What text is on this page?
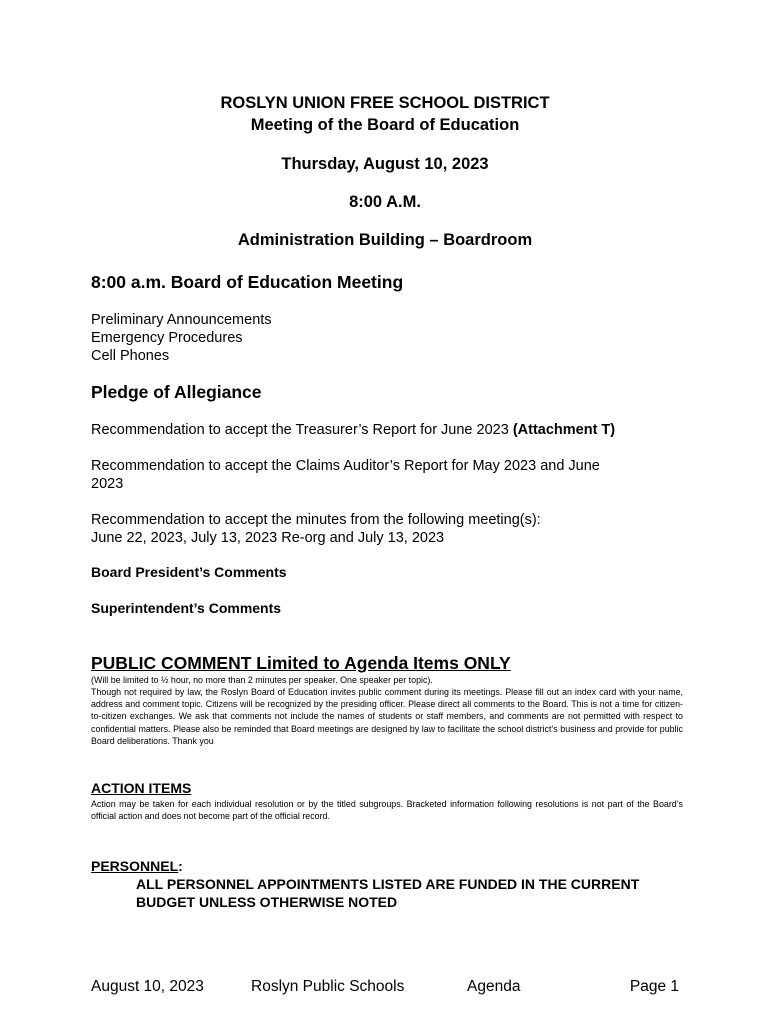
ROSLYN UNION FREE SCHOOL DISTRICT
Meeting of the Board of Education
Thursday, August 10, 2023
8:00 A.M.
Administration Building – Boardroom
8:00 a.m. Board of Education Meeting
Preliminary Announcements
Emergency Procedures
Cell Phones
Pledge of Allegiance
Recommendation to accept the Treasurer’s Report for June 2023 (Attachment T)
Recommendation to accept the Claims Auditor’s Report for May 2023 and June 2023
Recommendation to accept the minutes from the following meeting(s):
June 22, 2023, July 13, 2023 Re-org and July 13, 2023
Board President’s Comments
Superintendent’s Comments
PUBLIC COMMENT Limited to Agenda Items ONLY
(Will be limited to ½ hour, no more than 2 minutes per speaker. One speaker per topic).
Though not required by law, the Roslyn Board of Education invites public comment during its meetings. Please fill out an index card with your name, address and comment topic. Citizens will be recognized by the presiding officer. Please direct all comments to the Board. This is not a time for citizen-to-citizen exchanges. We ask that comments not include the names of students or staff members, and comments are not permitted with respect to confidential matters. Please also be reminded that Board meetings are designed by law to facilitate the school district’s business and provide for public Board deliberations. Thank you
ACTION ITEMS
Action may be taken for each individual resolution or by the titled subgroups. Bracketed information following resolutions is not part of the Board’s official action and does not become part of the official record.
PERSONNEL:
ALL PERSONNEL APPOINTMENTS LISTED ARE FUNDED IN THE CURRENT
BUDGET UNLESS OTHERWISE NOTED
August 10, 2023	Roslyn Public Schools	Agenda	Page 1
